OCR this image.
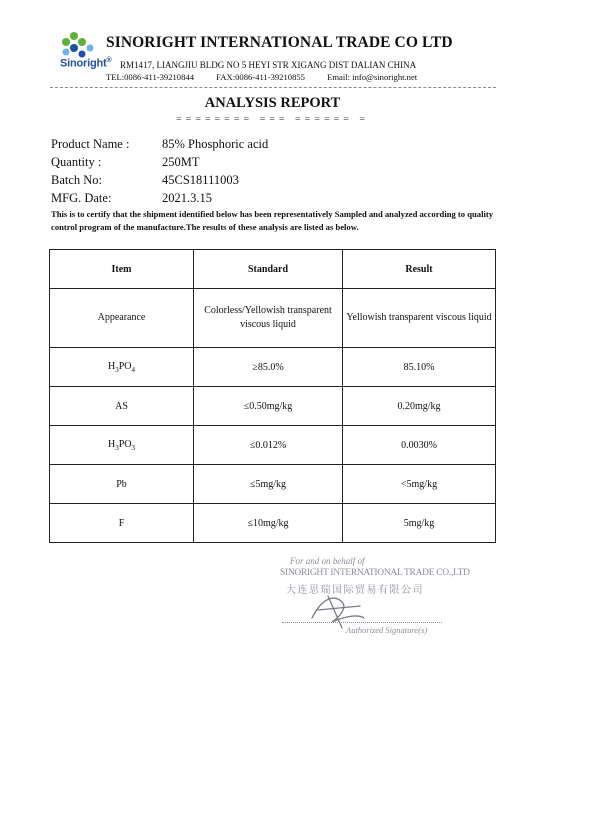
Sinoright®
SINORIGHT INTERNATIONAL TRADE CO LTD
RM1417, LIANGJIU BLDG NO 5 HEYI STR XIGANG DIST DALIAN CHINA
TEL:0086-411-39210844	FAX:0086-411-39210855	Email: info@sinoright.net
ANALYSIS REPORT
======== === ====== =
Product Name :	85% Phosphoric acid
Quantity :	250MT
Batch No:	45CS18111003
MFG. Date:	2021.3.15
This is to certify that the shipment identified below has been representatively Sampled and analyzed according to quality control program of the manufacture.The results of these analysis are listed as below.
Item	Standard	Result
Appearance	Colorless/Yellowish transparent viscous liquid	Yellowish transparent viscous liquid
$H_3PO_4$	≥85.0%	85.10%
AS	≤0.50mg/kg	0.20mg/kg
$H_3PO_3$	≤0.012%	0.0030%
Pb	≤5mg/kg	<5mg/kg
F	≤10mg/kg	5mg/kg
For and on behalf of
SINORIGHT INTERNATIONAL TRADE CO.,LTD
大连思瑞国际贸易有限公司
Authorized Signature(s)
